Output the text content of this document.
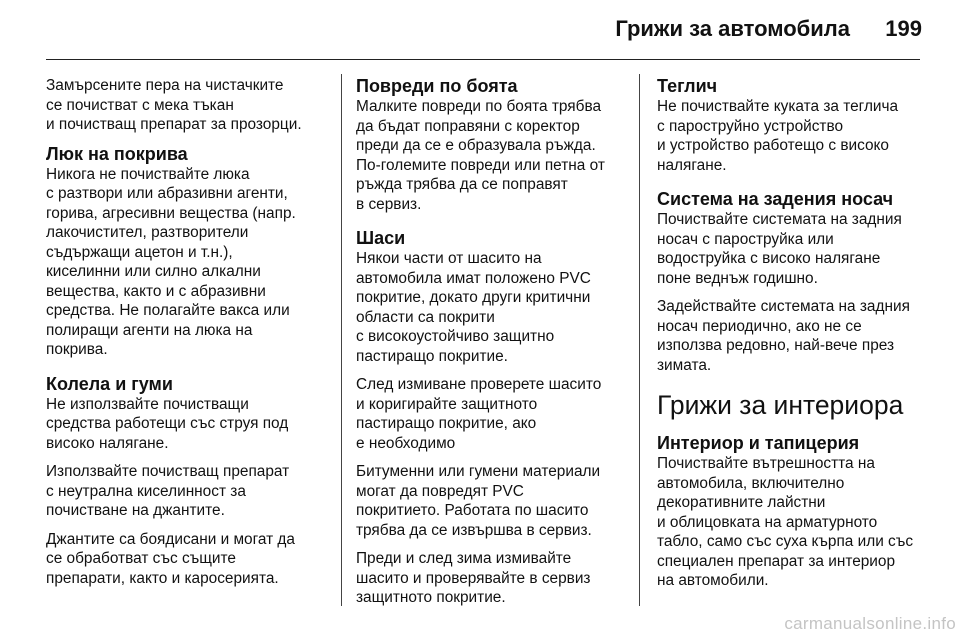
Грижи за автомобила	199

Замърсените пера на чистачките
се почистват с мека тъкан
и почистващ препарат за прозорци.

Люк на покрива

Никога не почиствайте люка
с разтвори или абразивни агенти,
горива, агресивни вещества (напр.
лакочистител, разтворители
съдържащи ацетон и т.н.),
киселинни или силно алкални
вещества, както и с абразивни
средства. Не полагайте вакса или
полиращи агенти на люка на
покрива.

Колела и гуми

Не използвайте почистващи
средства работещи със струя под
високо налягане.

Използвайте почистващ препарат
с неутрална киселинност за
почистване на джантите.

Джантите са боядисани и могат да
се обработват със същите
препарати, както и каросерията.

Повреди по боята

Малките повреди по боята трябва
да бъдат поправяни с коректор
преди да се е образувала ръжда.
По-големите повреди или петна от
ръжда трябва да се поправят
в сервиз.

Шаси

Някои части от шасито на
автомобила имат положено PVC
покритие, докато други критични
области са покрити
с високоустойчиво защитно
пастиращо покритие.

След измиване проверете шасито
и коригирайте защитното
пастиращо покритие, ако
е необходимо

Битуменни или гумени материали
могат да повредят PVC
покритието. Работата по шасито
трябва да се извършва в сервиз.

Преди и след зима измивайте
шасито и проверявайте в сервиз
защитното покритие.

Теглич

Не почиствайте куката за теглича
с пароструйно устройство
и устройство работещо с високо
налягане.

Система на задения носач

Почиствайте системата на задния
носач с пароструйка или
водоструйка с високо налягане
поне веднъж годишно.

Задействайте системата на задния
носач периодично, ако не се
използва редовно, най-вече през
зимата.

Грижи за интериора
Интериор и тапицерия

Почиствайте вътрешността на
автомобила, включително
декоративните лайстни
и облицовката на арматурното
табло, само със суха кърпа или със
специален препарат за интериор
на автомобили.

carmanualsonline.info
